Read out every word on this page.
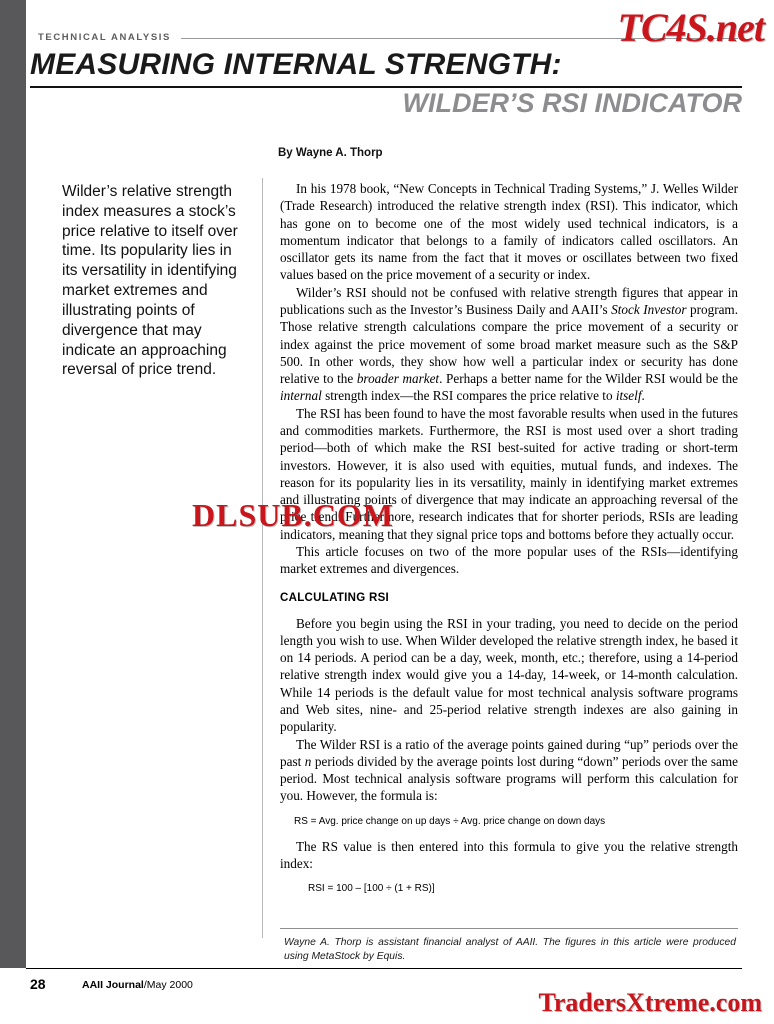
TECHNICAL ANALYSIS
MEASURING INTERNAL STRENGTH:
WILDER’S RSI INDICATOR
By Wayne A. Thorp
Wilder’s relative strength index measures a stock’s price relative to itself over time. Its popularity lies in its versatility in identifying market extremes and illustrating points of divergence that may indicate an approaching reversal of price trend.

In his 1978 book, “New Concepts in Technical Trading Systems,” J. Welles Wilder (Trade Research) introduced the relative strength index (RSI). This indicator, which has gone on to become one of the most widely used technical indicators, is a momentum indicator that belongs to a family of indicators called oscillators. An oscillator gets its name from the fact that it moves or oscillates between two fixed values based on the price movement of a security or index.

Wilder’s RSI should not be confused with relative strength figures that appear in publications such as the Investor’s Business Daily and AAII’s Stock Investor program. Those relative strength calculations compare the price movement of a security or index against the price movement of some broad market measure such as the S&P 500. In other words, they show how well a particular index or security has done relative to the broader market. Perhaps a better name for the Wilder RSI would be the internal strength index—the RSI compares the price relative to itself.

The RSI has been found to have the most favorable results when used in the futures and commodities markets. Furthermore, the RSI is most used over a short trading period—both of which make the RSI best-suited for active trading or short-term investors. However, it is also used with equities, mutual funds, and indexes. The reason for its popularity lies in its versatility, mainly in identifying market extremes and illustrating points of divergence that may indicate an approaching reversal of the price trend. Furthermore, research indicates that for shorter periods, RSIs are leading indicators, meaning that they signal price tops and bottoms before they actually occur.

This article focuses on two of the more popular uses of the RSIs—identifying market extremes and divergences.

CALCULATING RSI

Before you begin using the RSI in your trading, you need to decide on the period length you wish to use. When Wilder developed the relative strength index, he based it on 14 periods. A period can be a day, week, month, etc.; therefore, using a 14-period relative strength index would give you a 14-day, 14-week, or 14-month calculation. While 14 periods is the default value for most technical analysis software programs and Web sites, nine- and 25-period relative strength indexes are also gaining in popularity.

The Wilder RSI is a ratio of the average points gained during “up” periods over the past n periods divided by the average points lost during “down” periods over the same period. Most technical analysis software programs will perform this calculation for you. However, the formula is:

RS = Avg. price change on up days ÷ Avg. price change on down days

The RS value is then entered into this formula to give you the relative strength index:

RSI = 100 – [100 ÷ (1 + RS)]
Wayne A. Thorp is assistant financial analyst of AAII. The figures in this article were produced using MetaStock by Equis.
28	AAII Journal/May 2000
TC4S.net
DLSUB.COM
TradersXtreme.com
